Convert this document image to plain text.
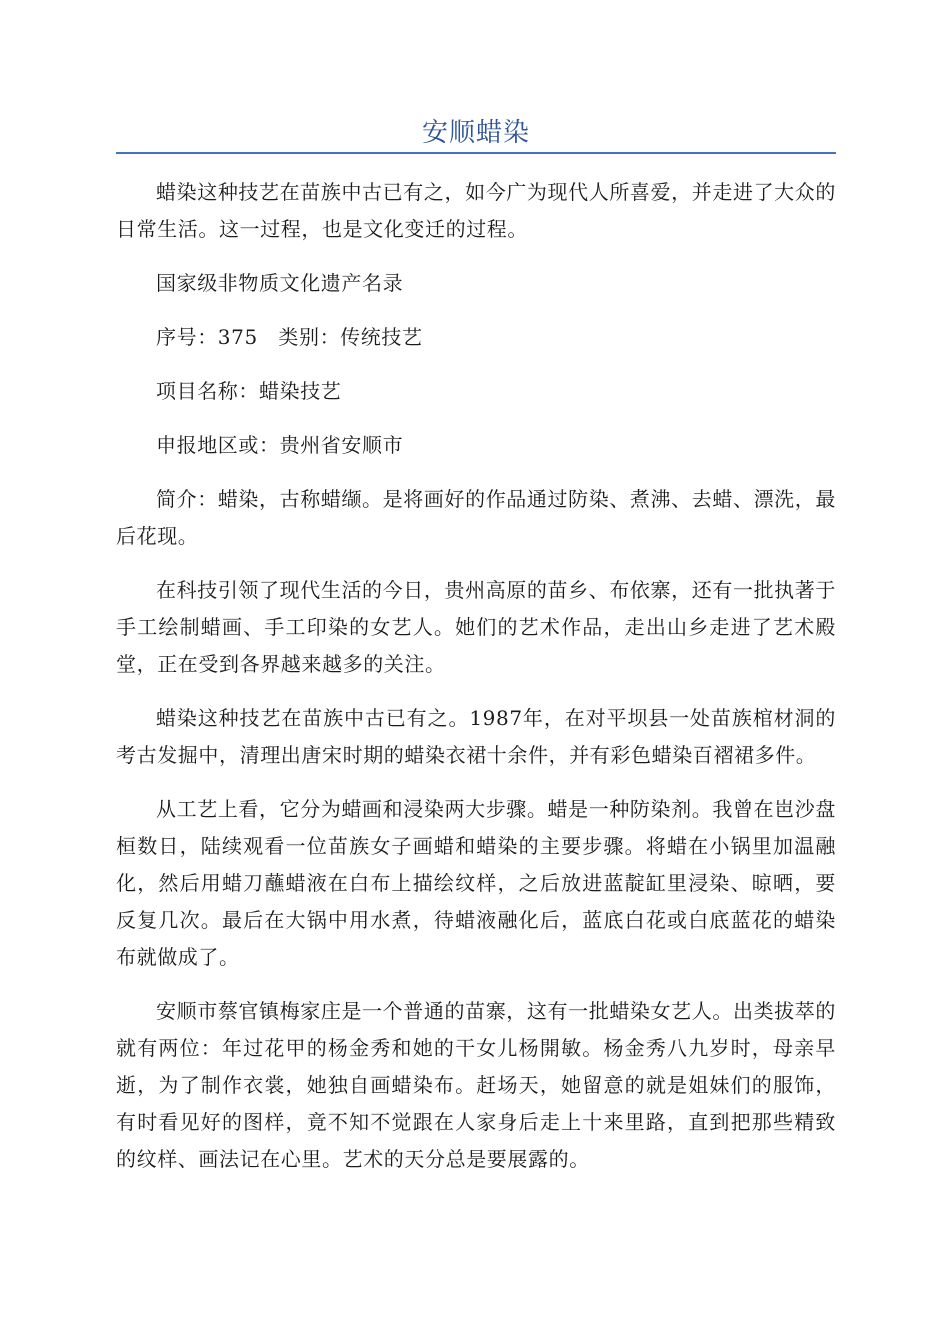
安顺蜡染

蜡染这种技艺在苗族中古已有之，如今广为现代人所喜爱，并走进了大众的日常生活。这一过程，也是文化变迁的过程。

国家级非物质文化遗产名录

序号：375　类别：传统技艺

项目名称：蜡染技艺

申报地区或：贵州省安顺市

简介：蜡染，古称蜡缬。是将画好的作品通过防染、煮沸、去蜡、漂洗，最后花现。

在科技引领了现代生活的今日，贵州高原的苗乡、布依寨，还有一批执著于手工绘制蜡画、手工印染的女艺人。她们的艺术作品，走出山乡走进了艺术殿堂，正在受到各界越来越多的关注。

蜡染这种技艺在苗族中古已有之。1987年，在对平坝县一处苗族棺材洞的考古发掘中，清理出唐宋时期的蜡染衣裙十余件，并有彩色蜡染百褶裙多件。

从工艺上看，它分为蜡画和浸染两大步骤。蜡是一种防染剂。我曾在岜沙盘桓数日，陆续观看一位苗族女子画蜡和蜡染的主要步骤。将蜡在小锅里加温融化，然后用蜡刀蘸蜡液在白布上描绘纹样，之后放进蓝靛缸里浸染、晾晒，要反复几次。最后在大锅中用水煮，待蜡液融化后，蓝底白花或白底蓝花的蜡染布就做成了。

安顺市蔡官镇梅家庄是一个普通的苗寨，这有一批蜡染女艺人。出类拔萃的就有两位：年过花甲的杨金秀和她的干女儿杨開敏。杨金秀八九岁时，母亲早逝，为了制作衣裳，她独自画蜡染布。赶场天，她留意的就是姐妹们的服饰，有时看见好的图样，竟不知不觉跟在人家身后走上十来里路，直到把那些精致的纹样、画法记在心里。艺术的天分总是要展露的。
